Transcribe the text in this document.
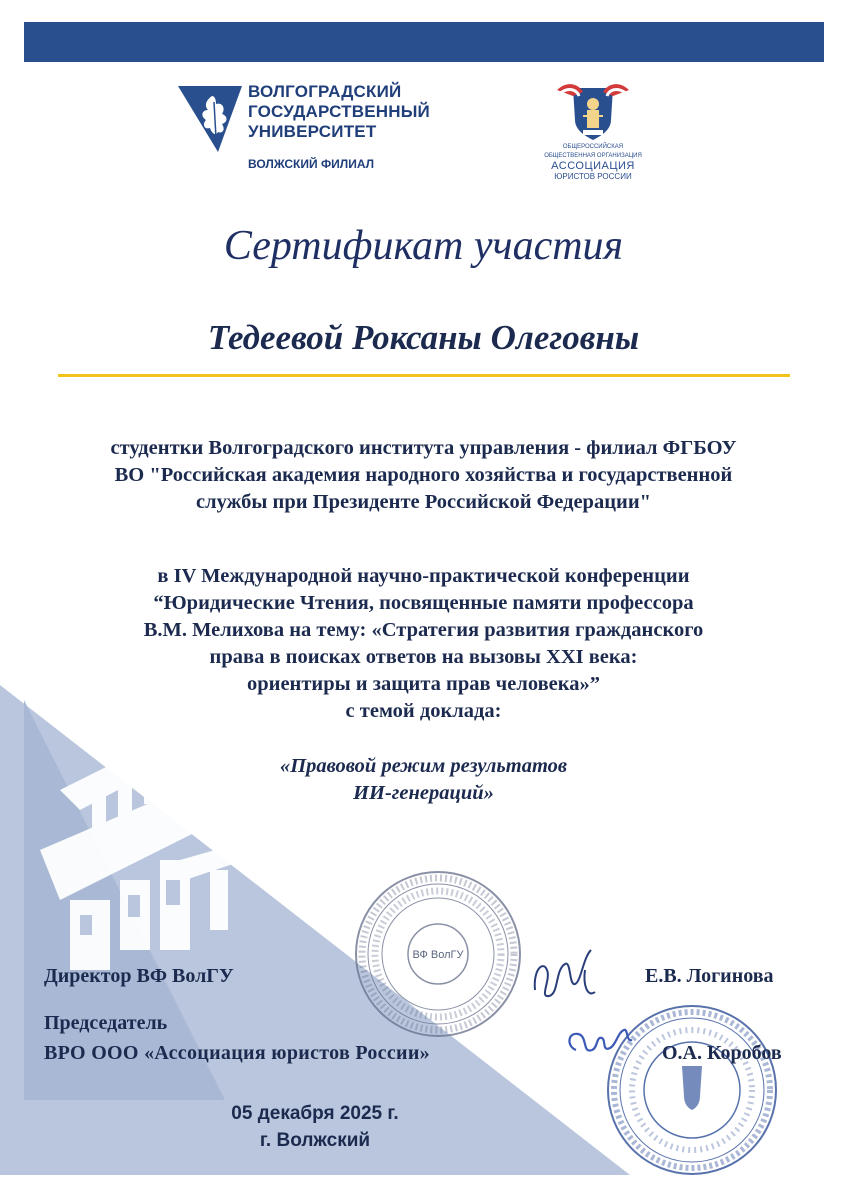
ВОЛГОГРАДСКИЙ
ГОСУДАРСТВЕННЫЙ
УНИВЕРСИТЕТ
ВОЛЖСКИЙ ФИЛИАЛ
ОБЩЕРОССИЙСКАЯ
ОБЩЕСТВЕННАЯ ОРГАНИЗАЦИЯ
АССОЦИАЦИЯ
ЮРИСТОВ РОССИИ
Сертификат участия
Тедеевой Роксаны Олеговны
студентки Волгоградского института управления - филиал ФГБОУ
ВО "Российская академия народного хозяйства и государственной
службы при Президенте Российской Федерации"
в IV Международной научно-практической конференции
“Юридические Чтения, посвященные памяти профессора
В.М. Мелихова на тему: «Стратегия развития гражданского
права в поисках ответов на вызовы XXI века:
ориентиры и защита прав человека»”
с темой доклада:
«Правовой режим результатов
ИИ-генераций»
ВФ ВолГУ
Директор ВФ ВолГУ	Е.В. Логинова
Председатель
ВРО ООО «Ассоциация юристов России»	О.А. Коробов
05 декабря 2025 г.
г. Волжский
